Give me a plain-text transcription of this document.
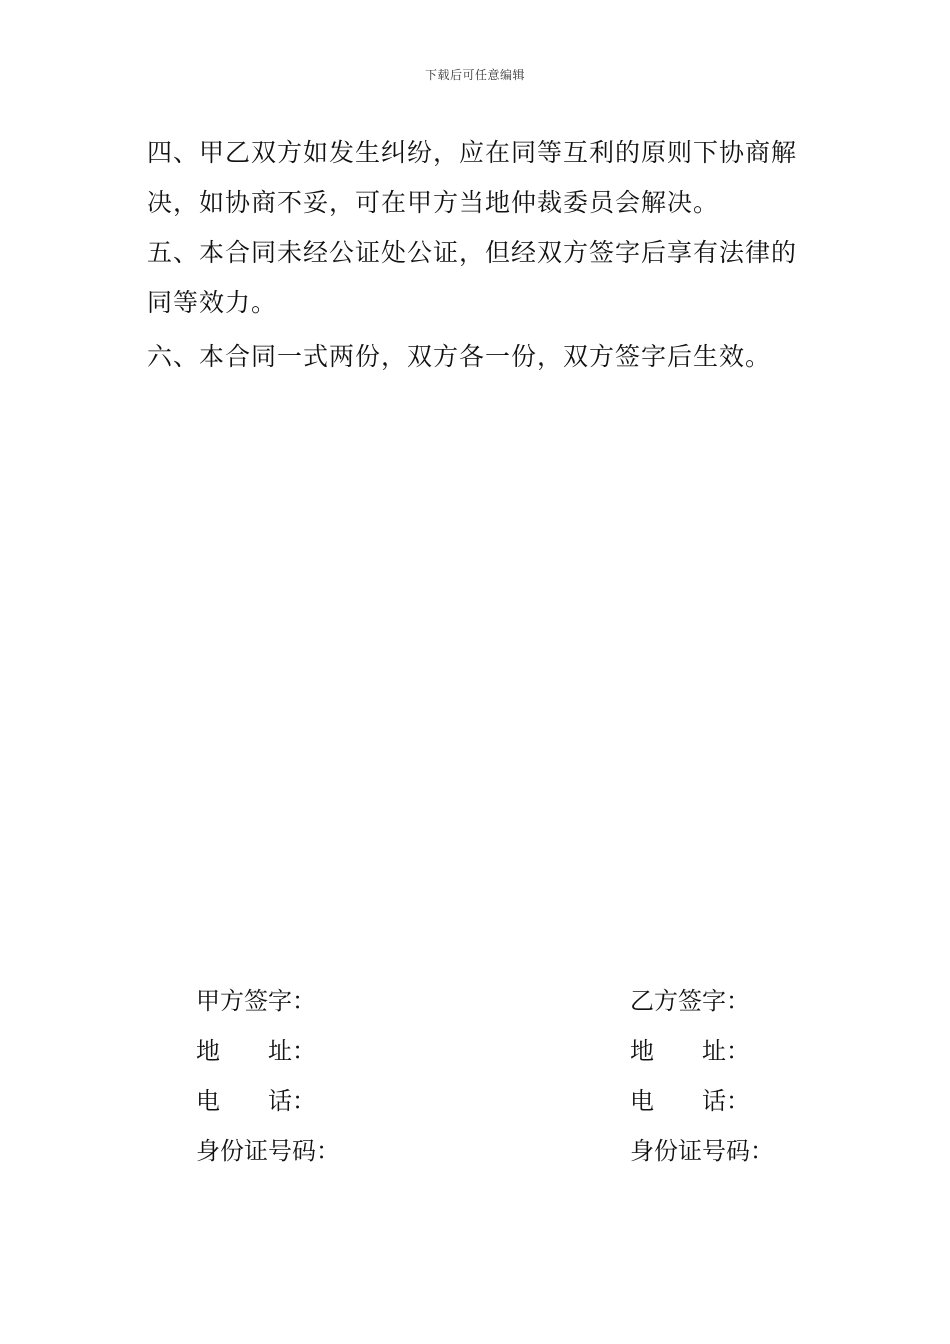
下载后可任意编辑

四、甲乙双方如发生纠纷，应在同等互利的原则下协商解决，如协商不妥，可在甲方当地仲裁委员会解决。

五、本合同未经公证处公证，但经双方签字后享有法律的同等效力。

六、本合同一式两份，双方各一份，双方签字后生效。

甲方签字：
地址 ：
电话 ：
身份证号码：
乙方签字：
地址 ：
电话 ：
身份证号码：
